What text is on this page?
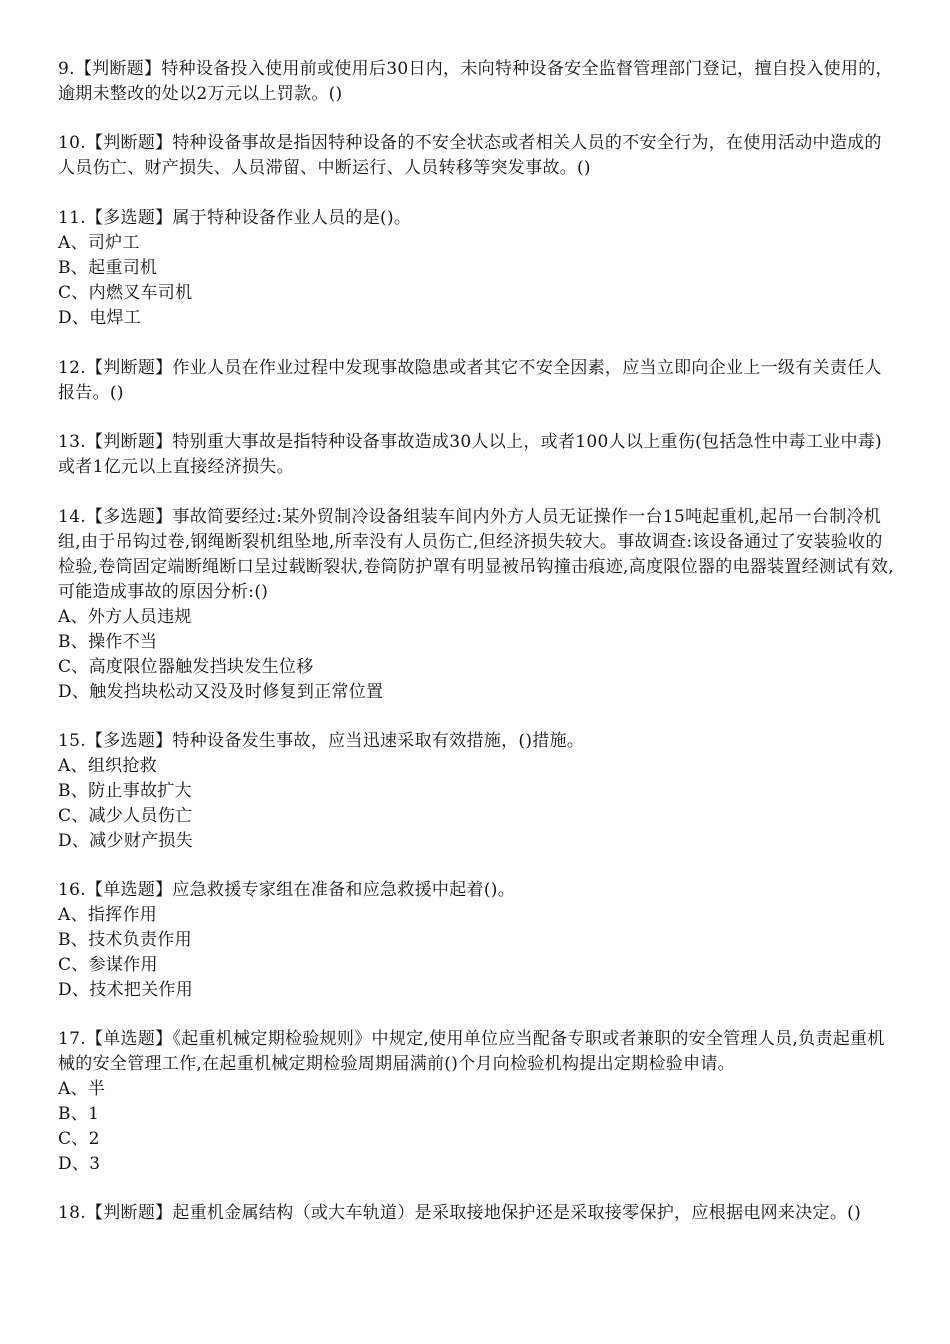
9.【判断题】特种设备投入使用前或使用后30日内，未向特种设备安全监督管理部门登记，擅自投入使用的，逾期未整改的处以2万元以上罚款。()
10.【判断题】特种设备事故是指因特种设备的不安全状态或者相关人员的不安全行为，在使用活动中造成的人员伤亡、财产损失、人员滞留、中断运行、人员转移等突发事故。()
11.【多选题】属于特种设备作业人员的是()。
A、司炉工
B、起重司机
C、内燃叉车司机
D、电焊工
12.【判断题】作业人员在作业过程中发现事故隐患或者其它不安全因素，应当立即向企业上一级有关责任人报告。()
13.【判断题】特别重大事故是指特种设备事故造成30人以上，或者100人以上重伤(包括急性中毒工业中毒)或者1亿元以上直接经济损失。
14.【多选题】事故简要经过:某外贸制冷设备组装车间内外方人员无证操作一台15吨起重机,起吊一台制冷机组,由于吊钩过卷,钢绳断裂机组坠地,所幸没有人员伤亡,但经济损失较大。事故调查:该设备通过了安装验收的检验,卷筒固定端断绳断口呈过载断裂状,卷筒防护罩有明显被吊钩撞击痕迹,高度限位器的电器装置经测试有效,可能造成事故的原因分析:()
A、外方人员违规
B、操作不当
C、高度限位器触发挡块发生位移
D、触发挡块松动又没及时修复到正常位置
15.【多选题】特种设备发生事故，应当迅速采取有效措施，()措施。
A、组织抢救
B、防止事故扩大
C、减少人员伤亡
D、减少财产损失
16.【单选题】应急救援专家组在准备和应急救援中起着()。
A、指挥作用
B、技术负责作用
C、参谋作用
D、技术把关作用
17.【单选题】《起重机械定期检验规则》中规定,使用单位应当配备专职或者兼职的安全管理人员,负责起重机械的安全管理工作,在起重机械定期检验周期届满前()个月向检验机构提出定期检验申请。
A、半
B、1
C、2
D、3
18.【判断题】起重机金属结构（或大车轨道）是采取接地保护还是采取接零保护，应根据电网来决定。()
